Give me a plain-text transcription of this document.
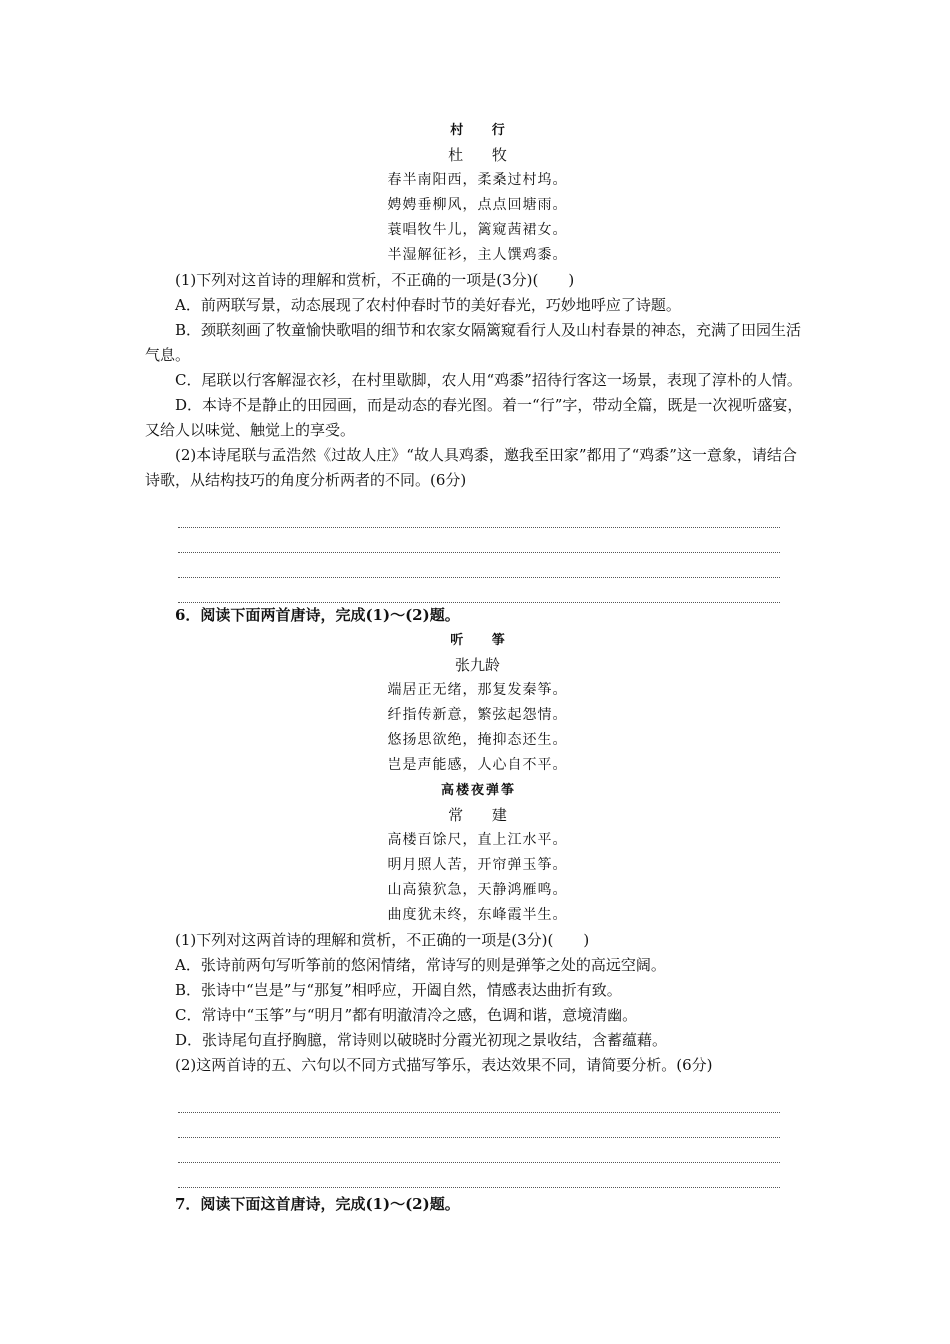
村 行
杜 牧
春半南阳西，柔桑过村坞。
娉娉垂柳风，点点回塘雨。
蓑唱牧牛儿，篱窥茜裙女。
半湿解征衫，主人馔鸡黍。

(1)下列对这首诗的理解和赏析，不正确的一项是(3分)(　　)

A．前两联写景，动态展现了农村仲春时节的美好春光，巧妙地呼应了诗题。

B．颈联刻画了牧童愉快歌唱的细节和农家女隔篱窥看行人及山村春景的神态，充满了田园生活气息。

C．尾联以行客解湿衣衫，在村里歇脚，农人用“鸡黍”招待行客这一场景，表现了淳朴的人情。

D．本诗不是静止的田园画，而是动态的春光图。着一“行”字，带动全篇，既是一次视听盛宴，又给人以味觉、触觉上的享受。

(2)本诗尾联与孟浩然《过故人庄》“故人具鸡黍，邀我至田家”都用了“鸡黍”这一意象，请结合诗歌，从结构技巧的角度分析两者的不同。(6分)

6．阅读下面两首唐诗，完成(1)～(2)题。

听 筝
张九龄
端居正无绪，那复发秦筝。
纤指传新意，繁弦起怨情。
悠扬思欲绝，掩抑态还生。
岂是声能感，人心自不平。
高楼夜弹筝
常 建
高楼百馀尺，直上江水平。
明月照人苦，开帘弹玉筝。
山高猿狖急，天静鸿雁鸣。
曲度犹未终，东峰霞半生。

(1)下列对这两首诗的理解和赏析，不正确的一项是(3分)(　　)

A．张诗前两句写听筝前的悠闲情绪，常诗写的则是弹筝之处的高远空阔。

B．张诗中“岂是”与“那复”相呼应，开阖自然，情感表达曲折有致。

C．常诗中“玉筝”与“明月”都有明澈清冷之感，色调和谐，意境清幽。

D．张诗尾句直抒胸臆，常诗则以破晓时分霞光初现之景收结，含蓄蕴藉。

(2)这两首诗的五、六句以不同方式描写筝乐，表达效果不同，请简要分析。(6分)

7．阅读下面这首唐诗，完成(1)～(2)题。
